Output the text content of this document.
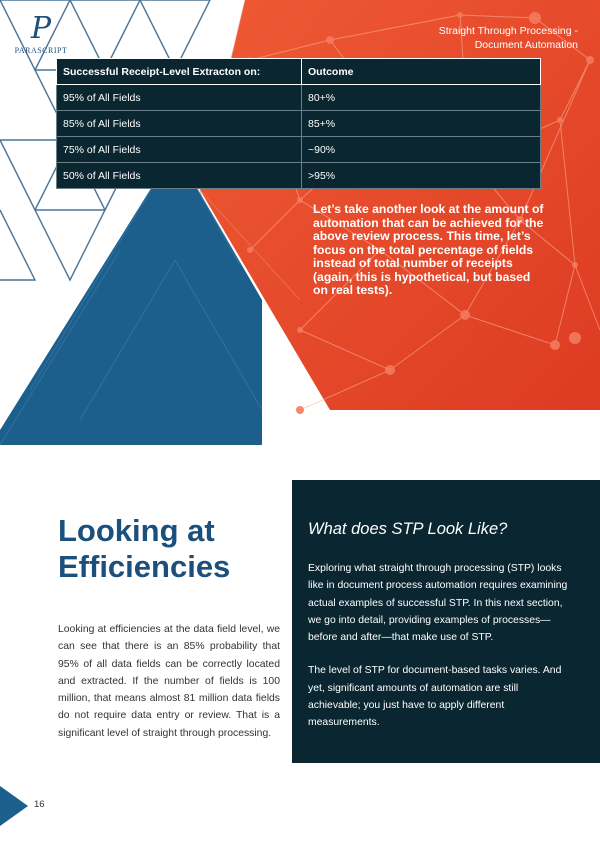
P
PARASCRIPT
Straight Through Processing -
Document Automation
Successful Receipt-Level Extracton on:	Outcome
95% of All Fields	80+%
85% of All Fields	85+%
75% of All Fields	~90%
50% of All Fields	>95%
Let’s take another look at the amount of automation that can be achieved for the above review process. This time, let’s focus on the total percentage of fields instead of total number of receipts (again, this is hypothetical, but based on real tests).
Looking at
Efficiencies

Looking at efficiencies at the data field level, we can see that there is an 85% probability that 95% of all data fields can be correctly located and extracted. If the number of fields is 100 million, that means almost 81 million data fields do not require data entry or review. That is a significant level of straight through processing.

What does STP Look Like?

Exploring what straight through processing (STP) looks like in document process automation requires examining actual examples of successful STP. In this next section, we go into detail, providing examples of processes—before and after—that make use of STP.

The level of STP for document-based tasks varies. And yet, significant amounts of automation are still achievable; you just have to apply different measurements.

16
